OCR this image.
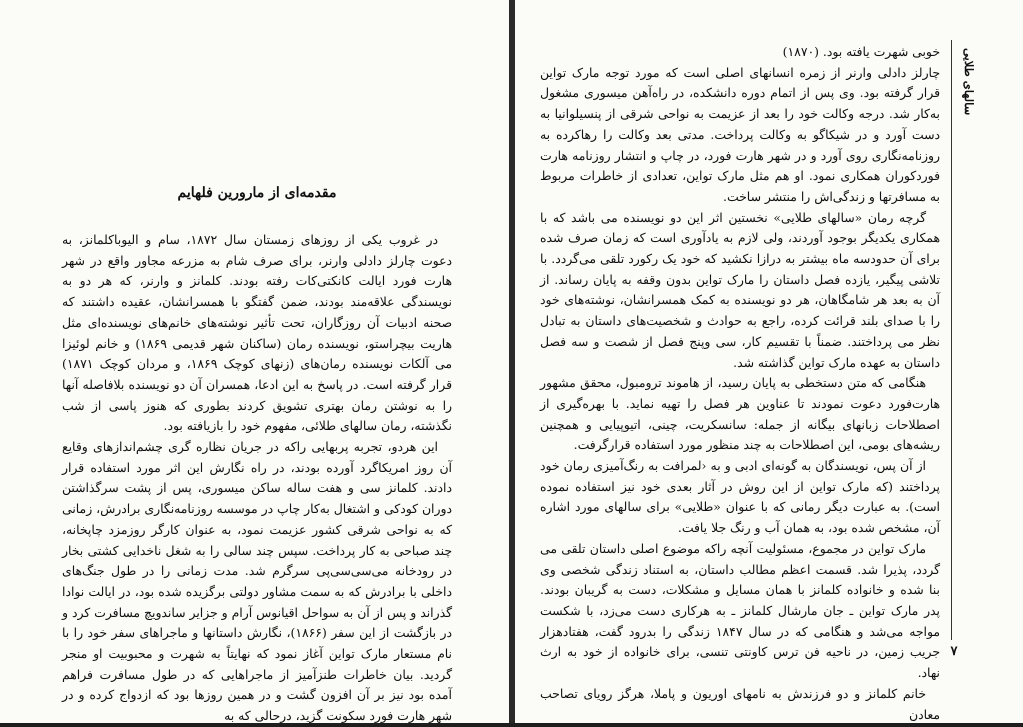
مقدمه‌ای از مارورین فلهایم

در غروب یکی از روزهای زمستان سال ۱۸۷۲، سام و الیوباکلمانز، به دعوت چارلز دادلی وارنر، برای صرف شام به مزرعه مجاور واقع در شهر هارت فورد ایالت کانکتی‌کات رفته بودند. کلمانز و وارنر، که هر دو به نویسندگی علاقه‌مند بودند، ضمن گفتگو با همسرانشان، عقیده داشتند که صحنه ادبیات آن روزگاران، تحت تأثیر نوشته‌های خانم‌های نویسنده‌ای مثل هاریت بیچراستو، نویسنده رمان (ساکنان شهر قدیمی ۱۸۶۹) و خانم لوئیزا می آلکات نویسنده رمان‌های (زنهای کوچک ۱۸۶۹، و مردان کوچک ۱۸۷۱) قرار گرفته است. در پاسخ به این ادعا، همسران آن دو نویسنده بلافاصله آنها را به نوشتن رمان بهتری تشویق کردند بطوری که هنوز پاسی از شب نگذشته، رمان سالهای طلائی، مفهوم خود را بازیافته بود.

این هردو، تجربه پربهایی راکه در جریان نظاره گری چشم‌اندازهای وقایع آن روز امریکاگرد آورده بودند، در راه نگارش این اثر مورد استفاده قرار دادند. کلمانز سی و هفت ساله ساکن میسوری، پس از پشت سرگذاشتن دوران کودکی و اشتغال به‌کار چاپ در موسسه روزنامه‌نگاری برادرش، زمانی که به نواحی شرقی کشور عزیمت نمود، به عنوان کارگر روزمزد چاپخانه، چند صباحی به کار پرداخت. سپس چند سالی را به شغل ناخدایی کشتی بخار در رودخانه می‌سی‌سی‌پی سرگرم شد. مدت زمانی را در طول جنگ‌های داخلی با برادرش که به سمت مشاور دولتی برگزیده شده بود، در ایالت نوادا گذراند و پس از آن به سواحل اقیانوس آرام و جزایر ساندویچ مسافرت کرد و در بازگشت از این سفر (۱۸۶۶)، نگارش داستانها و ماجراهای سفر خود را با نام مستعار مارک تواین آغاز نمود که نهایتاً به شهرت و محبوبیت او منجر گردید. بیان خاطرات طنزآمیز از ماجراهایی که در طول مسافرت فراهم آمده بود نیز بر آن افزون گشت و در همین روزها بود که ازدواج کرده و در شهر هارت فورد سکونت گزید، درحالی که به

خوبی شهرت یافته بود. (۱۸۷۰)

چارلز دادلی وارنر از زمره انسانهای اصلی است که مورد توجه مارک تواین قرار گرفته بود. وی پس از اتمام دوره دانشکده، در راه‌آهن میسوری مشغول به‌کار شد. درجه وکالت خود را بعد از عزیمت به نواحی شرقی از پنسیلوانیا به دست آورد و در شیکاگو به وکالت پرداخت. مدتی بعد وکالت را رهاکرده به روزنامه‌نگاری روی آورد و در شهر هارت فورد، در چاپ و انتشار روزنامه هارت فوردکوران همکاری نمود. او هم مثل مارک تواین، تعدادی از خاطرات مربوط به مسافرتها و زندگی‌اش را منتشر ساخت.

گرچه رمان «سالهای طلایی» نخستین اثر این دو نویسنده می باشد که با همکاری یکدیگر بوجود آوردند، ولی لازم به یادآوری است که زمان صرف شده برای آن حدودسه ماه بیشتر به درازا نکشید که خود یک رکورد تلقی می‌گردد. با تلاشی پیگیر، یازده فصل داستان را مارک تواین بدون وقفه به پایان رساند. از آن به بعد هر شامگاهان، هر دو نویسنده به کمک همسرانشان، نوشته‌های خود را با صدای بلند قرائت کرده، راجع به حوادث و شخصیت‌های داستان به تبادل نظر می پرداختند. ضمناً با تقسیم کار، سی وپنج فصل از شصت و سه فصل داستان به عهده مارک تواین گذاشته شد.

هنگامی که متن دستخطی به پایان رسید، از هاموند ترومبول، محقق مشهور هارت‌فورد دعوت نمودند تا عناوین هر فصل را تهیه نماید. با بهره‌گیری از اصطلاحات زبانهای بیگانه از جمله: سانسکریت، چینی، اتیوپیایی و همچنین ریشه‌های بومی، این اصطلاحات به چند منظور مورد استفاده قرارگرفت.

از آن پس، نویسندگان به گونه‌ای ادبی و به ‹لمرافت به رنگ‌آمیزی رمان خود پرداختند (که مارک تواین از این روش در آثار بعدی خود نیز استفاده نموده است). به عبارت دیگر رمانی که با عنوان «طلایی» برای سالهای مورد اشاره آن، مشخص شده بود، به همان آب و رنگ جلا یافت.

مارک تواین در مجموع، مسئولیت آنچه راکه موضوع اصلی داستان تلقی می گردد، پذیرا شد. قسمت اعظم مطالب داستان، به استناد زندگی شخصی وی بنا شده و خانواده کلمانز با همان مسایل و مشکلات، دست به گریبان بودند. پدر مارک تواین ـ جان مارشال کلمانز ـ به هرکاری دست می‌زد، با شکست مواجه می‌شد و هنگامی که در سال ۱۸۴۷ زندگی را بدرود گفت، هفتادهزار جریب زمین، در ناحیه فن ترس کاونتی تنسی، برای خانواده از خود به ارث نهاد.

خانم کلمانز و دو فرزندش به نامهای اوریون و پاملا، هرگز رویای تصاحب معادن

سالهای طلایی
۷
